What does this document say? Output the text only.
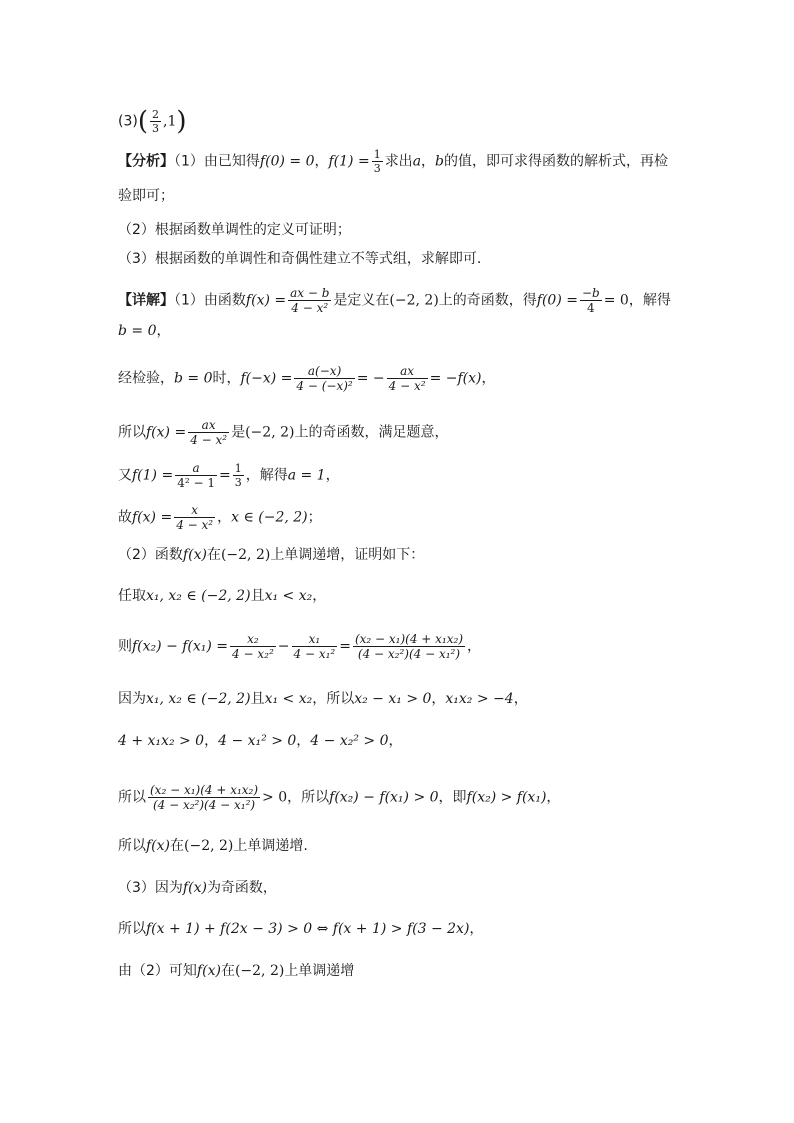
$(3)( \frac{2}{3} ,1)$
【分析】（1）由已知得f(0) = 0，$f(1) = \frac{1}{3}$ 求出a，b的值，即可求得函数的解析式，再检
验即可；
（2）根据函数单调性的定义可证明；
（3）根据函数的单调性和奇偶性建立不等式组，求解即可.
【详解】（1）由函数$f(x) = \frac{ax - b}{\text{4 − x²}}$ 是定义在(−2, 2)上的奇函数，得$f(0) = \frac{-b}{4} = 0$，解得
b = 0，
经检验，b = 0时，$f(-x) = \frac{a(-x)}{\text{4 − (−x)²}}$ = − $\frac{ax}{\text{4 − x²}} = -f(x)$，
所以$f(x) = \frac{ax}{\text{4 − x²}}$ 是(−2, 2)上的奇函数，满足题意，
又$f(1) = \frac{a}{\text{4² − 1}} = \frac{1}{3}$ ，解得a = 1，
故$f(x) = \frac{x}{\text{4 − x²}}$ ，x ∈ (−2, 2)；
（2）函数f(x)在(−2, 2)上单调递增，证明如下：
任取x₁, x₂ ∈ (−2, 2)且x₁ < x₂，
则$f(x_2) - f(x_1) = \frac{\text{x₂}}{\text{4 − x₂²}} - \frac{\text{x₁}}{\text{4 − x₁²}} = \frac{\text{(x₂ − x₁)(4 + x₁x₂)}}{\text{(4 − x₂²)(4 − x₁²)}}$ ，
因为x₁, x₂ ∈ (−2, 2)且x₁ < x₂，所以x₂ − x₁ > 0，x₁x₂ > −4，
4 + x₁x₂ > 0，4 − x₁² > 0，4 − x₂² > 0，
所以 $\frac{\text{(x₂ − x₁)(4 + x₁x₂)}}{\text{(4 − x₂²)(4 − x₁²)}} > 0$，所以f(x₂) − f(x₁) > 0，即f(x₂) > f(x₁)，
所以f(x)在(−2, 2)上单调递增.
（3）因为f(x)为奇函数，
所以f(x + 1) + f(2x − 3) > 0 ⇔ f(x + 1) > f(3 − 2x)，
由（2）可知f(x)在(−2, 2)上单调递增
